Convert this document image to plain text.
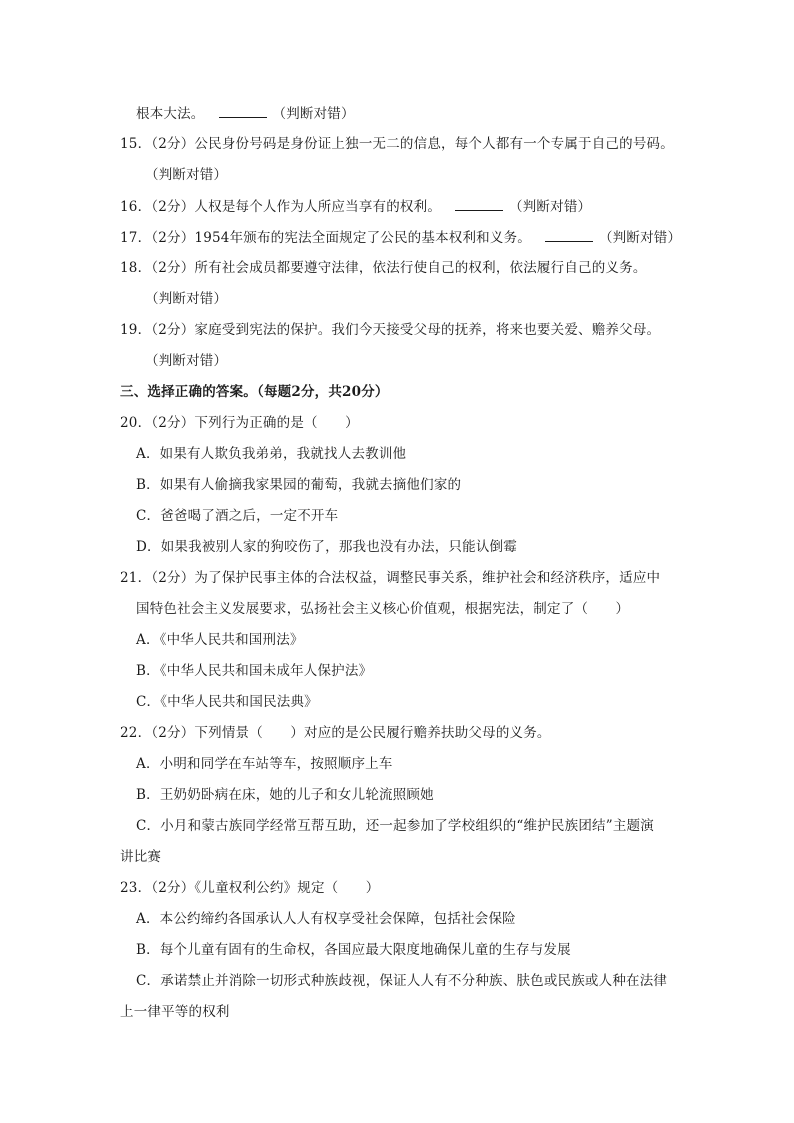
根本大法。	（判断对错）
15．（2分）公民身份号码是身份证上独一无二的信息，每个人都有一个专属于自己的号码。
（判断对错）
16．（2分）人权是每个人作为人所应当享有的权利。	（判断对错）
17．（2分）1954年颁布的宪法全面规定了公民的基本权利和义务。	（判断对错）
18．（2分）所有社会成员都要遵守法律，依法行使自己的权利，依法履行自己的义务。
（判断对错）
19．（2分）家庭受到宪法的保护。我们今天接受父母的抚养，将来也要关爱、赡养父母。
（判断对错）
三、选择正确的答案。（每题2分，共20分）
20．（2分）下列行为正确的是（　　）
A．如果有人欺负我弟弟，我就找人去教训他
B．如果有人偷摘我家果园的葡萄，我就去摘他们家的
C．爸爸喝了酒之后，一定不开车
D．如果我被别人家的狗咬伤了，那我也没有办法，只能认倒霉
21．（2分）为了保护民事主体的合法权益，调整民事关系，维护社会和经济秩序，适应中
国特色社会主义发展要求，弘扬社会主义核心价值观，根据宪法，制定了（　　）
A．《中华人民共和国刑法》
B．《中华人民共和国未成年人保护法》
C．《中华人民共和国民法典》
22．（2分）下列情景（　　）对应的是公民履行赡养扶助父母的义务。
A．小明和同学在车站等车，按照顺序上车
B．王奶奶卧病在床，她的儿子和女儿轮流照顾她
C．小月和蒙古族同学经常互帮互助，还一起参加了学校组织的“维护民族团结”主题演
讲比赛
23．（2分）《儿童权利公约》规定（　　）
A．本公约缔约各国承认人人有权享受社会保障，包括社会保险
B．每个儿童有固有的生命权，各国应最大限度地确保儿童的生存与发展
C．承诺禁止并消除一切形式种族歧视，保证人人有不分种族、肤色或民族或人种在法律
上一律平等的权利
